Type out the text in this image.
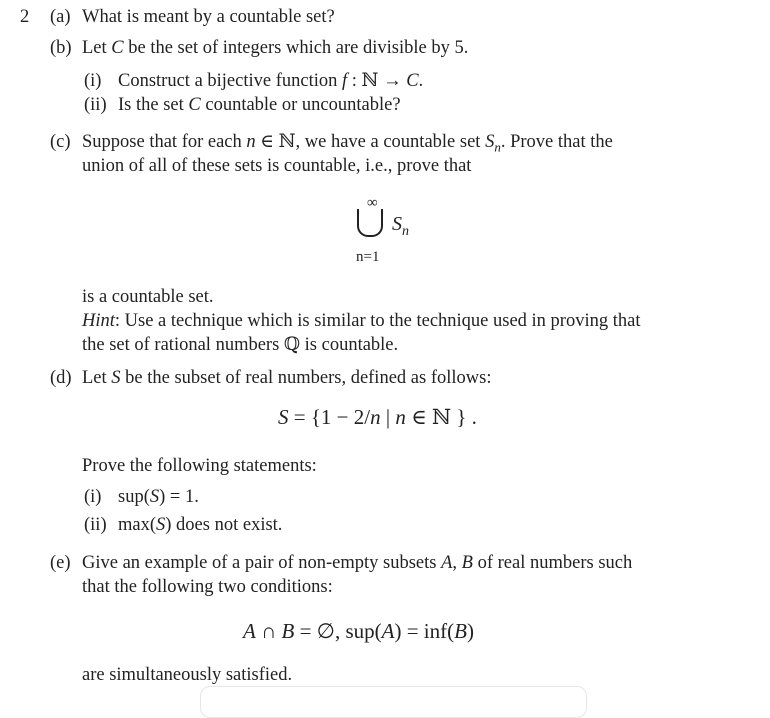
2 (a) What is meant by a countable set?
(b) Let C be the set of integers which are divisible by 5.
(i) Construct a bijective function f : ℕ → C.
(ii) Is the set C countable or uncountable?
(c) Suppose that for each n ∈ ℕ, we have a countable set $S_n$. Prove that the
union of all of these sets is countable, i.e., prove that
is a countable set.
Hint: Use a technique which is similar to the technique used in proving that
the set of rational numbers ℚ is countable.
(d) Let S be the subset of real numbers, defined as follows:
S = {1 − 2/n | n ∈ ℕ } .
Prove the following statements:
(i) sup(S) = 1.
(ii) max(S) does not exist.
(e) Give an example of a pair of non-empty subsets A, B of real numbers such
that the following two conditions:
A ∩ B = ∅, sup(A) = inf(B)
are simultaneously satisfied.
∞
$S_n$
n=1
